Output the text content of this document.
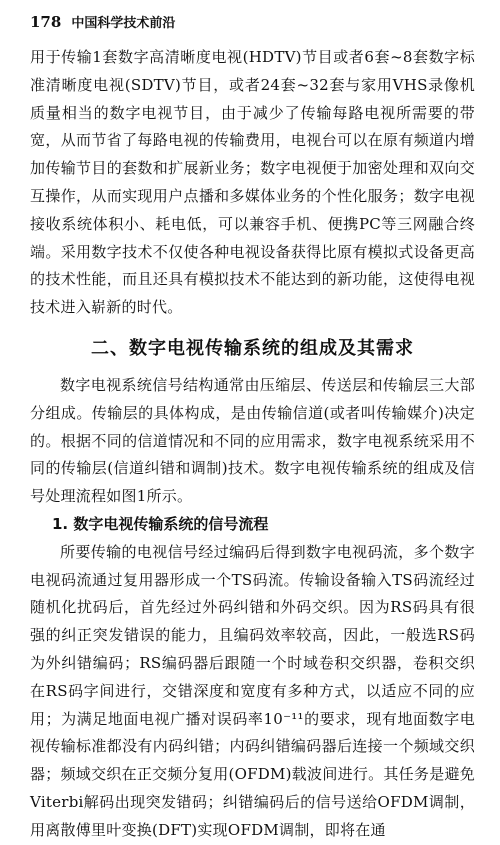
178 中国科学技术前沿

用于传输1套数字高清晰度电视(HDTV)节目或者6套~8套数字标准清晰度电视(SDTV)节目，或者24套~32套与家用VHS录像机质量相当的数字电视节目，由于减少了传输每路电视所需要的带宽，从而节省了每路电视的传输费用，电视台可以在原有频道内增加传输节目的套数和扩展新业务；数字电视便于加密处理和双向交互操作，从而实现用户点播和多媒体业务的个性化服务；数字电视接收系统体积小、耗电低，可以兼容手机、便携PC等三网融合终端。采用数字技术不仅使各种电视设备获得比原有模拟式设备更高的技术性能，而且还具有模拟技术不能达到的新功能，这使得电视技术进入崭新的时代。

二、数字电视传输系统的组成及其需求

数字电视系统信号结构通常由压缩层、传送层和传输层三大部分组成。传输层的具体构成，是由传输信道(或者叫传输媒介)决定的。根据不同的信道情况和不同的应用需求，数字电视系统采用不同的传输层(信道纠错和调制)技术。数字电视传输系统的组成及信号处理流程如图1所示。

1. 数字电视传输系统的信号流程

所要传输的电视信号经过编码后得到数字电视码流，多个数字电视码流通过复用器形成一个TS码流。传输设备输入TS码流经过随机化扰码后，首先经过外码纠错和外码交织。因为RS码具有很强的纠正突发错误的能力，且编码效率较高，因此，一般选RS码为外纠错编码；RS编码器后跟随一个时域卷积交织器，卷积交织在RS码字间进行，交错深度和宽度有多种方式，以适应不同的应用；为满足地面电视广播对误码率10⁻¹¹的要求，现有地面数字电视传输标准都没有内码纠错；内码纠错编码器后连接一个频域交织器；频域交织在正交频分复用(OFDM)载波间进行。其任务是避免Viterbi解码出现突发错码；纠错编码后的信号送给OFDM调制，用离散傅里叶变换(DFT)实现OFDM调制，即将在通
